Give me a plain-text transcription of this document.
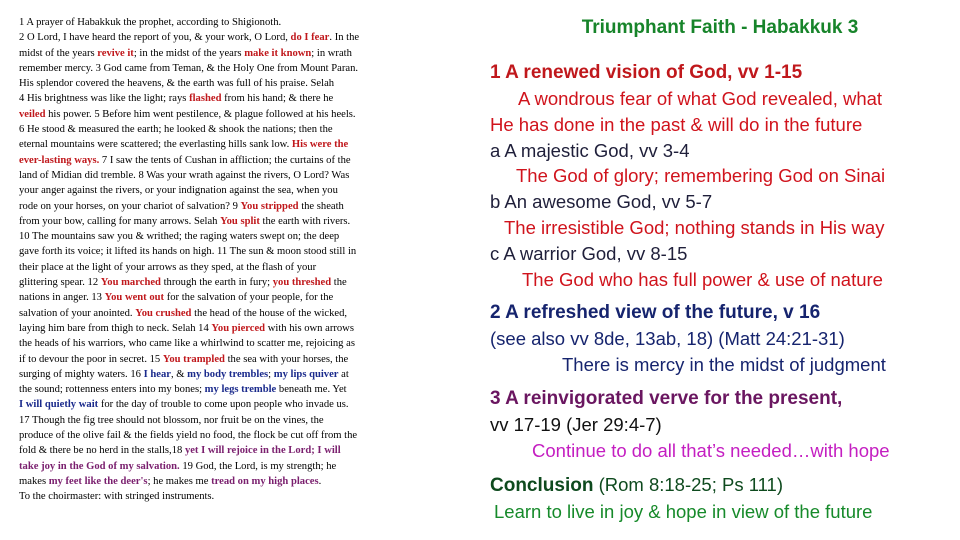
1 A prayer of Habakkuk the prophet, according to Shigionoth.
2 O Lord, I have heard the report of you, & your work, O Lord, do I fear. In the
midst of the years revive it; in the midst of the years make it known; in wrath
remember mercy. 3 God came from Teman, & the Holy One from Mount Paran.
His splendor covered the heavens, & the earth was full of his praise. Selah
4 His brightness was like the light; rays flashed from his hand; & there he
veiled his power. 5 Before him went pestilence, & plague followed at his heels.
6 He stood & measured the earth; he looked & shook the nations; then the
eternal mountains were scattered; the everlasting hills sank low. His were the
ever-lasting ways. 7 I saw the tents of Cushan in affliction; the curtains of the
land of Midian did tremble. 8 Was your wrath against the rivers, O Lord? Was
your anger against the rivers, or your indignation against the sea, when you
rode on your horses, on your chariot of salvation? 9 You stripped the sheath
from your bow, calling for many arrows. Selah You split the earth with rivers.
10 The mountains saw you & writhed; the raging waters swept on; the deep
gave forth its voice; it lifted its hands on high. 11 The sun & moon stood still in
their place at the light of your arrows as they sped, at the flash of your
glittering spear. 12 You marched through the earth in fury; you threshed the
nations in anger. 13 You went out for the salvation of your people, for the
salvation of your anointed. You crushed the head of the house of the wicked,
laying him bare from thigh to neck. Selah 14 You pierced with his own arrows
the heads of his warriors, who came like a whirlwind to scatter me, rejoicing as
if to devour the poor in secret. 15 You trampled the sea with your horses, the
surging of mighty waters. 16 I hear, & my body trembles; my lips quiver at
the sound; rottenness enters into my bones; my legs tremble beneath me. Yet
I will quietly wait for the day of trouble to come upon people who invade us.
17 Though the fig tree should not blossom, nor fruit be on the vines, the
produce of the olive fail & the fields yield no food, the flock be cut off from the
fold & there be no herd in the stalls,18 yet I will rejoice in the Lord; I will
take joy in the God of my salvation. 19 God, the Lord, is my strength; he
makes my feet like the deer's; he makes me tread on my high places.
To the choirmaster: with stringed instruments.
Triumphant Faith - Habakkuk 3
1 A renewed vision of God, vv 1-15
A wondrous fear of what God revealed, what
He has done in the past & will do in the future
a A majestic God, vv 3-4
The God of glory; remembering God on Sinai
b An awesome God, vv 5-7
The irresistible God; nothing stands in His way
c A warrior God, vv 8-15
The God who has full power & use of nature
2 A refreshed view of the future, v 16
(see also vv 8de, 13ab, 18) (Matt 24:21-31)
There is mercy in the midst of judgment
3 A reinvigorated verve for the present,
vv 17-19 (Jer 29:4-7)
Continue to do all that’s needed…with hope
Conclusion (Rom 8:18-25; Ps 111)
Learn to live in joy & hope in view of the future
